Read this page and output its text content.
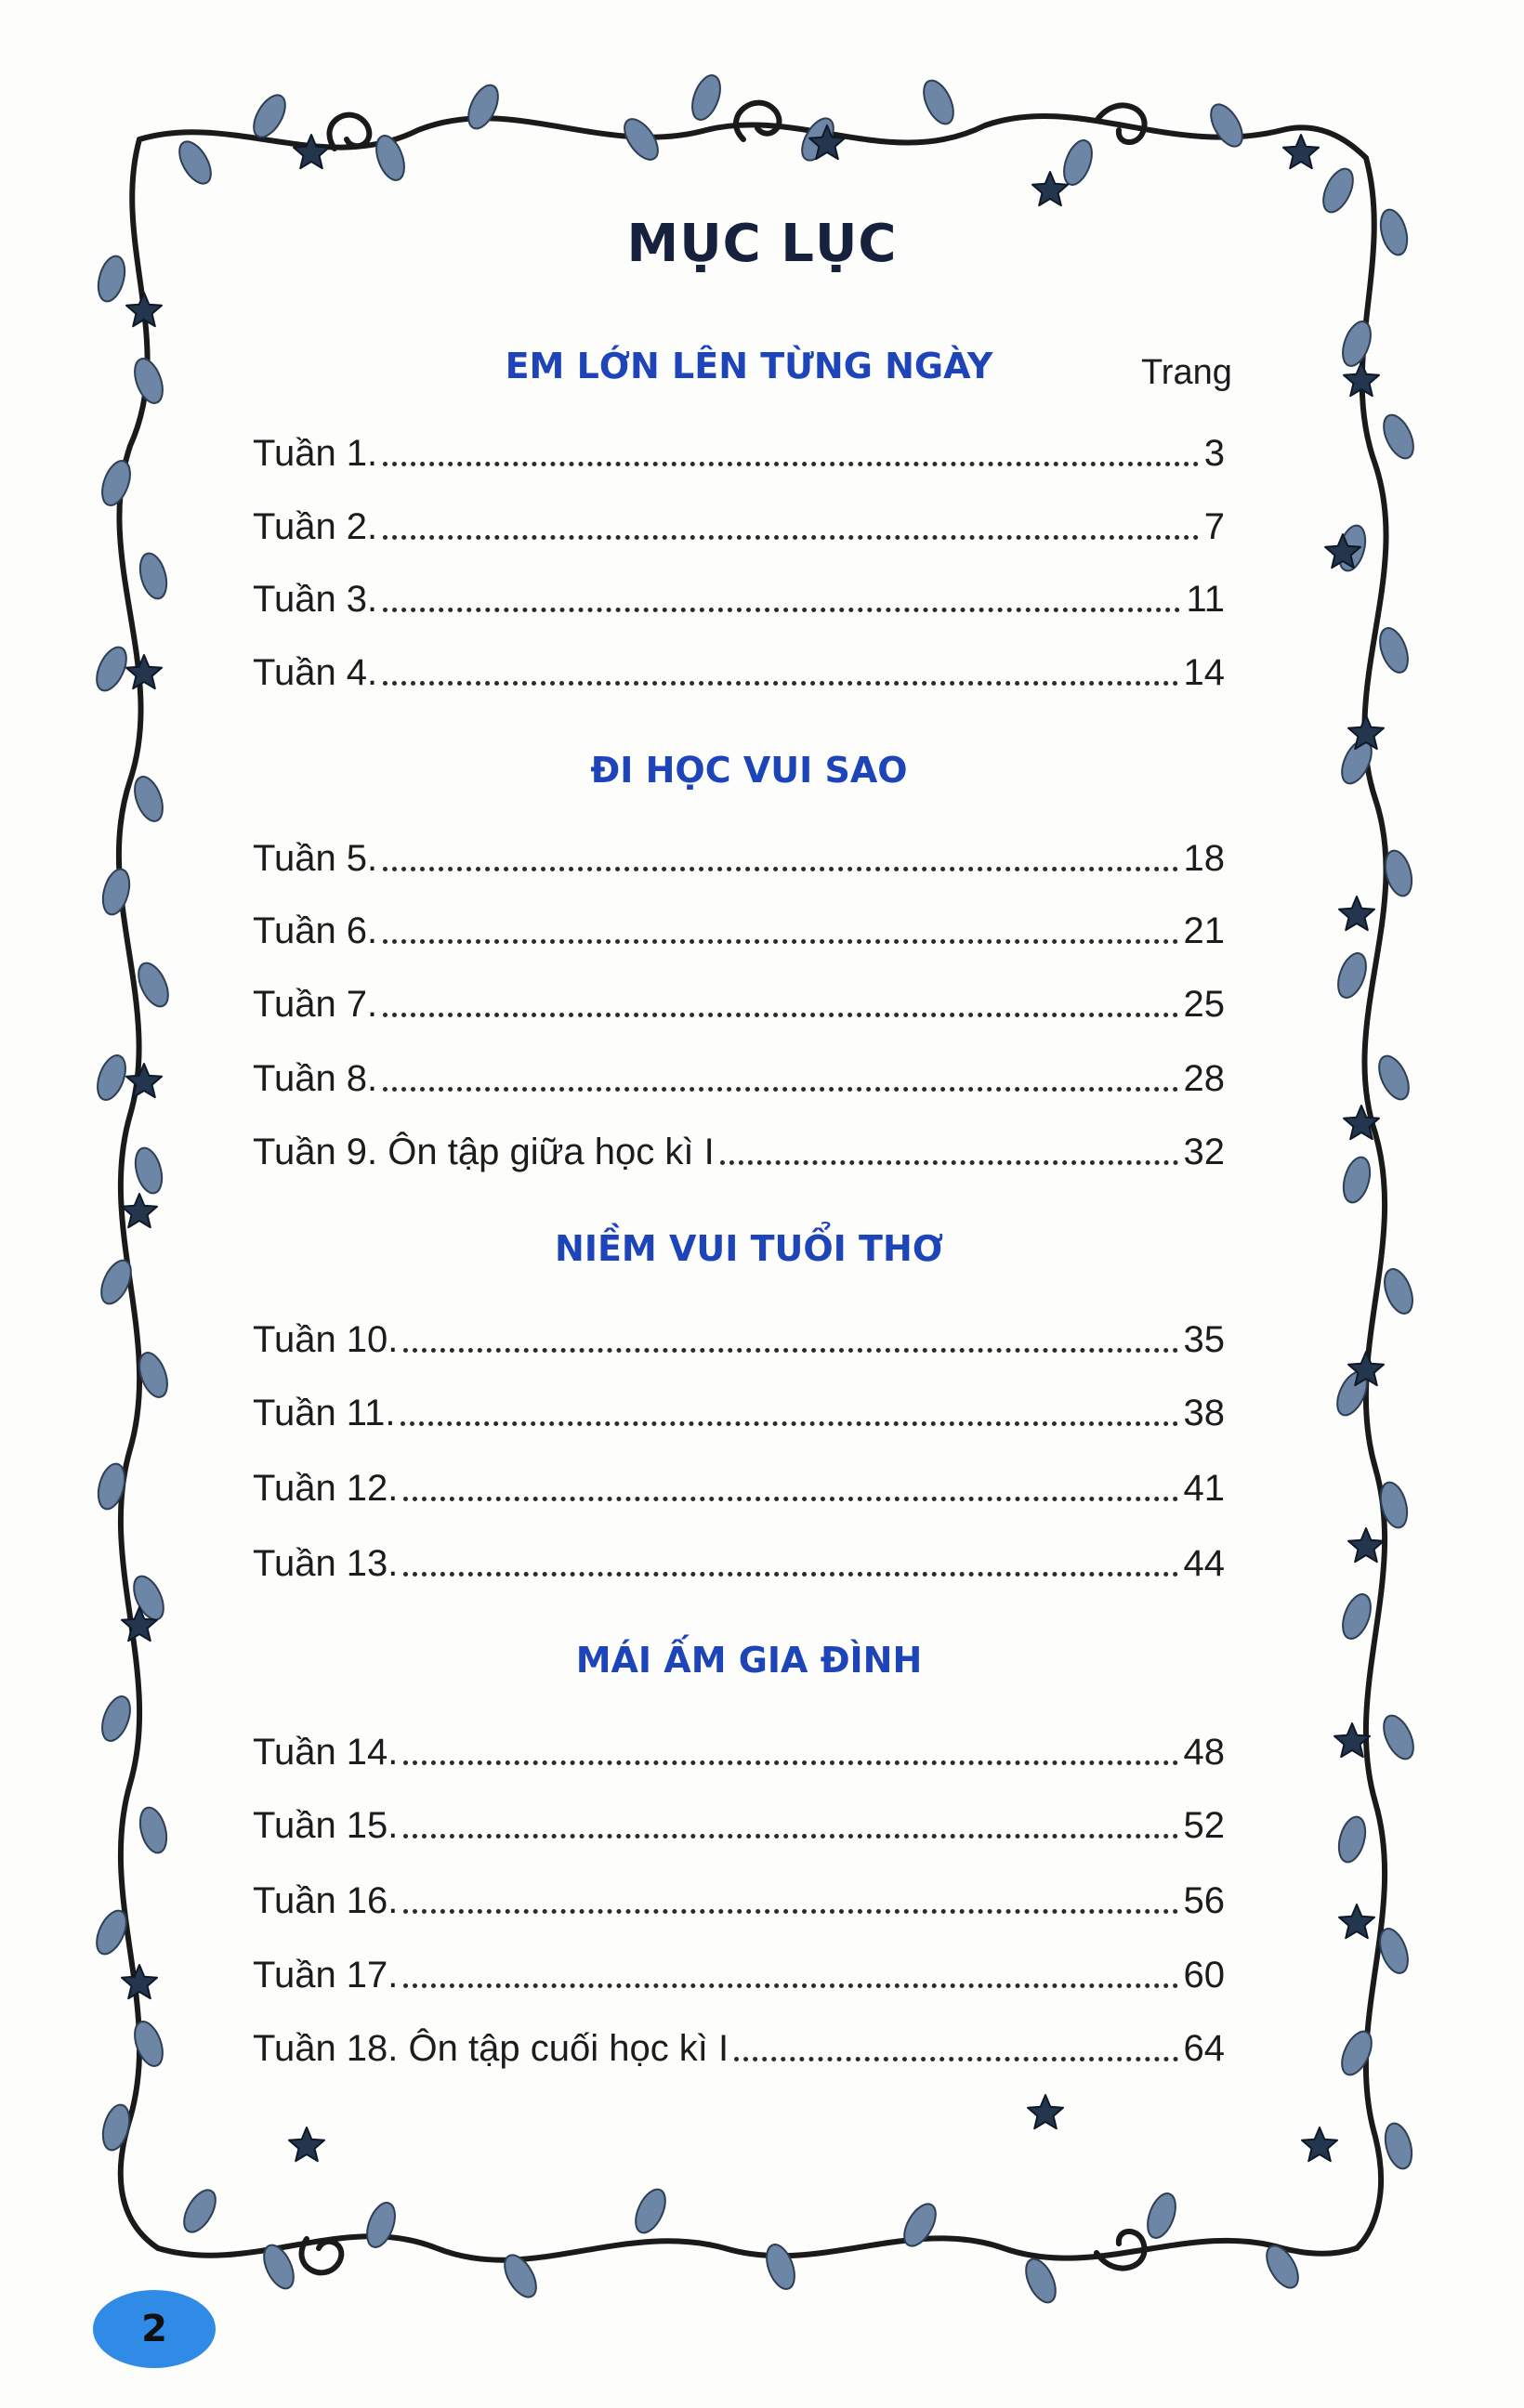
MỤC LỤC
Trang
EM LỚN LÊN TỪNG NGÀY
Tuần 1.	3
Tuần 2.	7
Tuần 3.	11
Tuần 4.	14
ĐI HỌC VUI SAO
Tuần 5.	18
Tuần 6.	21
Tuần 7.	25
Tuần 8.	28
Tuần 9. Ôn tập giữa học kì I	32
NIỀM VUI TUỔI THƠ
Tuần 10.	35
Tuần 11.	38
Tuần 12.	41
Tuần 13.	44
MÁI ẤM GIA ĐÌNH
Tuần 14.	48
Tuần 15.	52
Tuần 16.	56
Tuần 17.	60
Tuần 18. Ôn tập cuối học kì I	64
2
